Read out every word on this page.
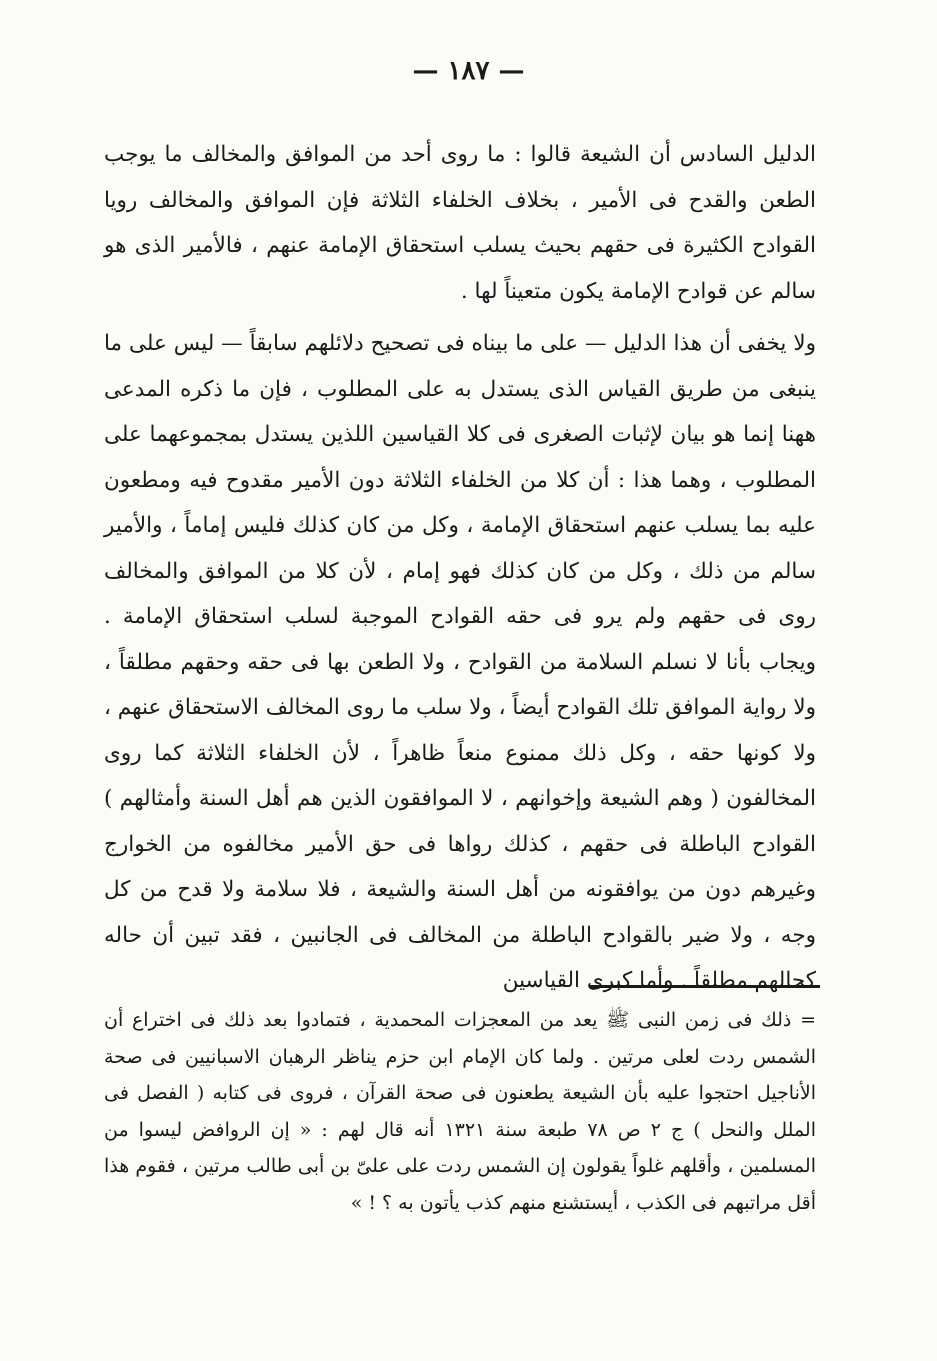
— ١٨٧ —

الدليل السادس أن الشيعة قالوا : ما روى أحد من الموافق والمخالف ما يوجب الطعن والقدح فى الأمير ، بخلاف الخلفاء الثلاثة فإن الموافق والمخالف رويا القوادح الكثيرة فى حقهم بحيث يسلب استحقاق الإمامة عنهم ، فالأمير الذى هو سالم عن قوادح الإمامة يكون متعيناً لها .

ولا يخفى أن هذا الدليل — على ما بيناه فى تصحيح دلائلهم سابقاً — ليس على ما ينبغى من طريق القياس الذى يستدل به على المطلوب ، فإن ما ذكره المدعى ههنا إنما هو بيان لإثبات الصغرى فى كلا القياسين اللذين يستدل بمجموعهما على المطلوب ، وهما هذا : أن كلا من الخلفاء الثلاثة دون الأمير مقدوح فيه ومطعون عليه بما يسلب عنهم استحقاق الإمامة ، وكل من كان كذلك فليس إماماً ، والأمير سالم من ذلك ، وكل من كان كذلك فهو إمام ، لأن كلا من الموافق والمخالف روى فى حقهم ولم يرو فى حقه القوادح الموجبة لسلب استحقاق الإمامة . ويجاب بأنا لا نسلم السلامة من القوادح ، ولا الطعن بها فى حقه وحقهم مطلقاً ، ولا رواية الموافق تلك القوادح أيضاً ، ولا سلب ما روى المخالف الاستحقاق عنهم ، ولا كونها حقه ، وكل ذلك ممنوع منعاً ظاهراً ، لأن الخلفاء الثلاثة كما روى المخالفون ( وهم الشيعة وإخوانهم ، لا الموافقون الذين هم أهل السنة وأمثالهم ) القوادح الباطلة فى حقهم ، كذلك رواها فى حق الأمير مخالفوه من الخوارج وغيرهم دون من يوافقونه من أهل السنة والشيعة ، فلا سلامة ولا قدح من كل وجه ، ولا ضير بالقوادح الباطلة من المخالف فى الجانبين ، فقد تبين أن حاله كحالهم مطلقاً . وأما كبرى القياسين

= ذلك فى زمن النبى ﷺ يعد من المعجزات المحمدية ، فتمادوا بعد ذلك فى اختراع أن الشمس ردت لعلى مرتين . ولما كان الإمام ابن حزم يناظر الرهبان الاسبانيين فى صحة الأناجيل احتجوا عليه بأن الشيعة يطعنون فى صحة القرآن ، فروى فى كتابه ( الفصل فى الملل والنحل ) ج ٢ ص ٧٨ طبعة سنة ١٣٢١ أنه قال لهم : « إن الروافض ليسوا من المسلمين ، وأقلهم غلواً يقولون إن الشمس ردت على علىّ بن أبى طالب مرتين ، فقوم هذا أقل مراتبهم فى الكذب ، أيستشنع منهم كذب يأتون به ؟ ! »
